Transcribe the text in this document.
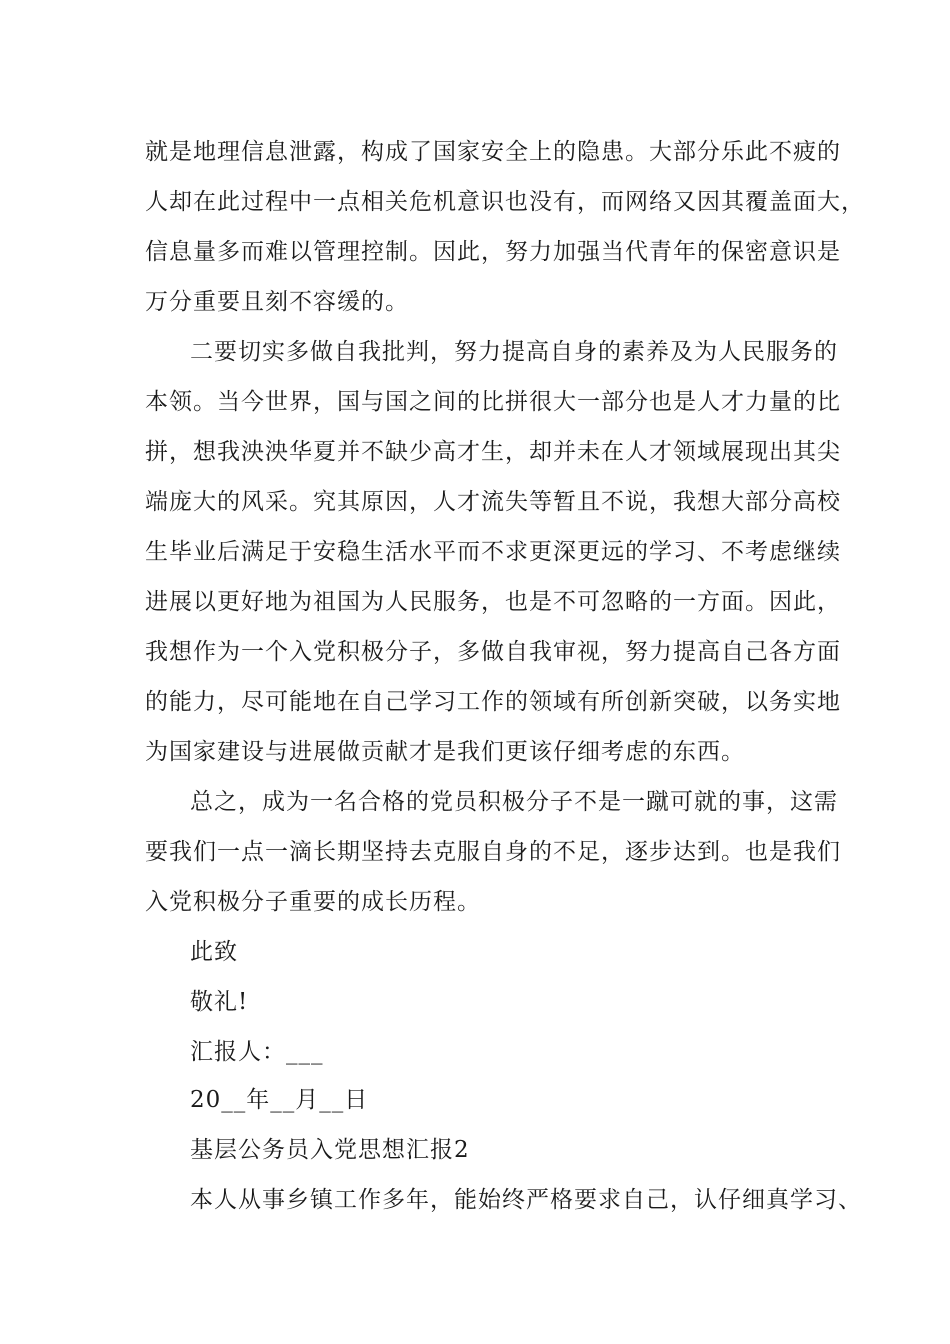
就是地理信息泄露，构成了国家安全上的隐患。大部分乐此不疲的
人却在此过程中一点相关危机意识也没有，而网络又因其覆盖面大，
信息量多而难以管理控制。因此，努力加强当代青年的保密意识是
万分重要且刻不容缓的。
二要切实多做自我批判，努力提高自身的素养及为人民服务的
本领。当今世界，国与国之间的比拼很大一部分也是人才力量的比
拼，想我泱泱华夏并不缺少高才生，却并未在人才领域展现出其尖
端庞大的风采。究其原因，人才流失等暂且不说，我想大部分高校
生毕业后满足于安稳生活水平而不求更深更远的学习、不考虑继续
进展以更好地为祖国为人民服务，也是不可忽略的一方面。因此，
我想作为一个入党积极分子，多做自我审视，努力提高自己各方面
的能力，尽可能地在自己学习工作的领域有所创新突破，以务实地
为国家建设与进展做贡献才是我们更该仔细考虑的东西。
总之，成为一名合格的党员积极分子不是一蹴可就的事，这需
要我们一点一滴长期坚持去克服自身的不足，逐步达到。也是我们
入党积极分子重要的成长历程。
此致
敬礼!
汇报人：___
20__年__月__日
基层公务员入党思想汇报2
本人从事乡镇工作多年，能始终严格要求自己，认仔细真学习、
